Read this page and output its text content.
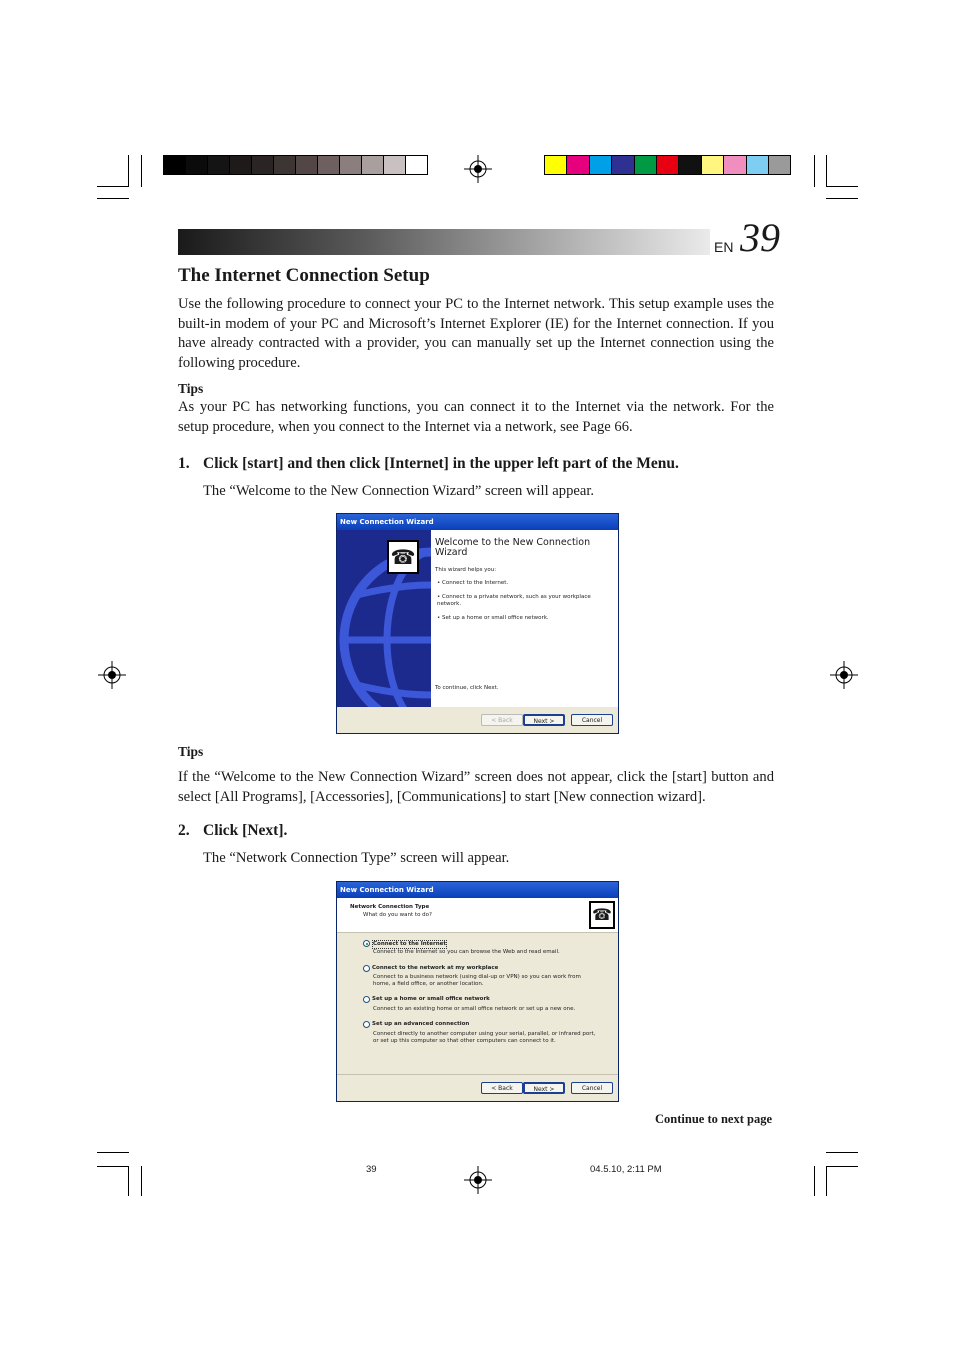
EN 39
The Internet Connection Setup
Use the following procedure to connect your PC to the Internet network. This setup example uses the built-in modem of your PC and Microsoft’s Internet Explorer (IE) for the Internet connection. If you have already contracted with a provider, you can manually set up the Internet connection using the following procedure.
Tips
As your PC has networking functions, you can connect it to the Internet via the network. For the setup procedure, when you connect to the Internet via a network, see Page 66.
1. Click [start] and then click [Internet] in the upper left part of the Menu.
The “Welcome to the New Connection Wizard” screen will appear.
New Connection Wizard
☎
Welcome to the New Connection Wizard
This wizard helps you:
• Connect to the Internet.
• Connect to a private network, such as your workplace network.
• Set up a home or small office network.
To continue, click Next.
< Back	Next >	Cancel
Tips
If the “Welcome to the New Connection Wizard” screen does not appear, click the [start] button and select [All Programs], [Accessories], [Communications] to start [New connection wizard].
2. Click [Next].
The “Network Connection Type” screen will appear.
New Connection Wizard
Network Connection Type
What do you want to do?	☎
Connect to the Internet
Connect to the Internet so you can browse the Web and read email.
Connect to the network at my workplace
Connect to a business network (using dial-up or VPN) so you can work from home, a field office, or another location.
Set up a home or small office network
Connect to an existing home or small office network or set up a new one.
Set up an advanced connection
Connect directly to another computer using your serial, parallel, or infrared port, or set up this computer so that other computers can connect to it.
< Back	Next >	Cancel
Continue to next page
39	04.5.10, 2:11 PM
